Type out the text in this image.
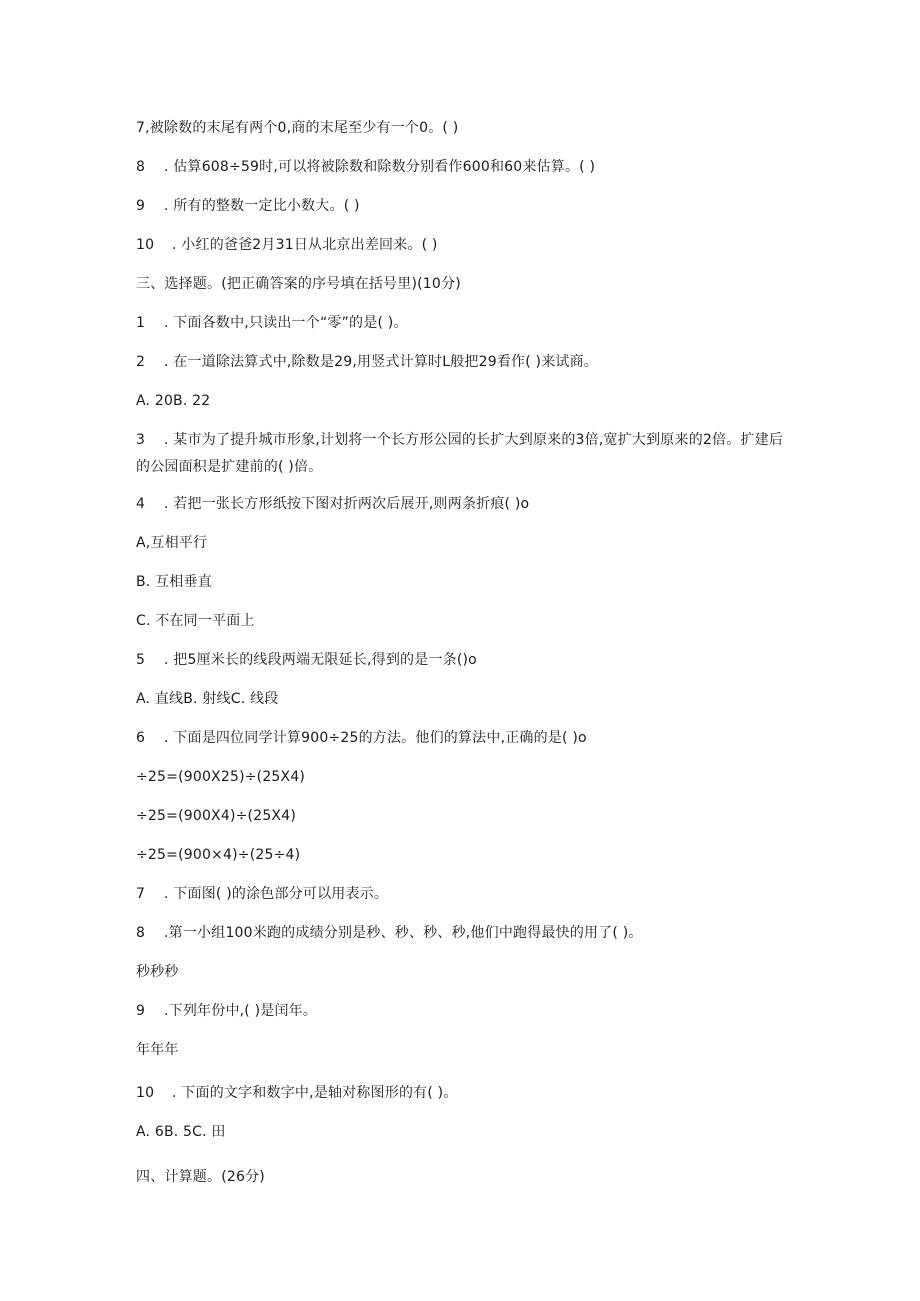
7,被除数的末尾有两个0,商的末尾至少有一个0。( )
8 . 估算608÷59时,可以将被除数和除数分别看作600和60来估算。( )
9 . 所有的整数一定比小数大。( )
10 . 小红的爸爸2月31日从北京出差回来。( )
三、选择题。(把正确答案的序号填在括号里)(10分)
1 . 下面各数中,只读出一个“零”的是( )。
2 . 在一道除法算式中,除数是29,用竖式计算时L般把29看作( )来试商。
A. 20B. 22
3 . 某市为了提升城市形象,计划将一个长方形公园的长扩大到原来的3倍,宽扩大到原来的2倍。扩建后的公园面积是扩建前的( )倍。
4 . 若把一张长方形纸按下图对折两次后展开,则两条折痕( )o
A,互相平行
B. 互相垂直
C. 不在同一平面上
5 . 把5厘米长的线段两端无限延长,得到的是一条()o
A. 直线B. 射线C. 线段
6 . 下面是四位同学计算900÷25的方法。他们的算法中,正确的是( )o
÷25=(900X25)÷(25X4)
÷25=(900X4)÷(25X4)
÷25=(900×4)÷(25÷4)
7 . 下面图( )的涂色部分可以用表示。
8 .第一小组100米跑的成绩分别是秒、秒、秒、秒,他们中跑得最快的用了( )。
秒秒秒
9 .下列年份中,( )是闰年。
年年年
10 . 下面的文字和数字中,是轴对称图形的有( )。
A. 6B. 5C. 田
四、计算题。(26分)
